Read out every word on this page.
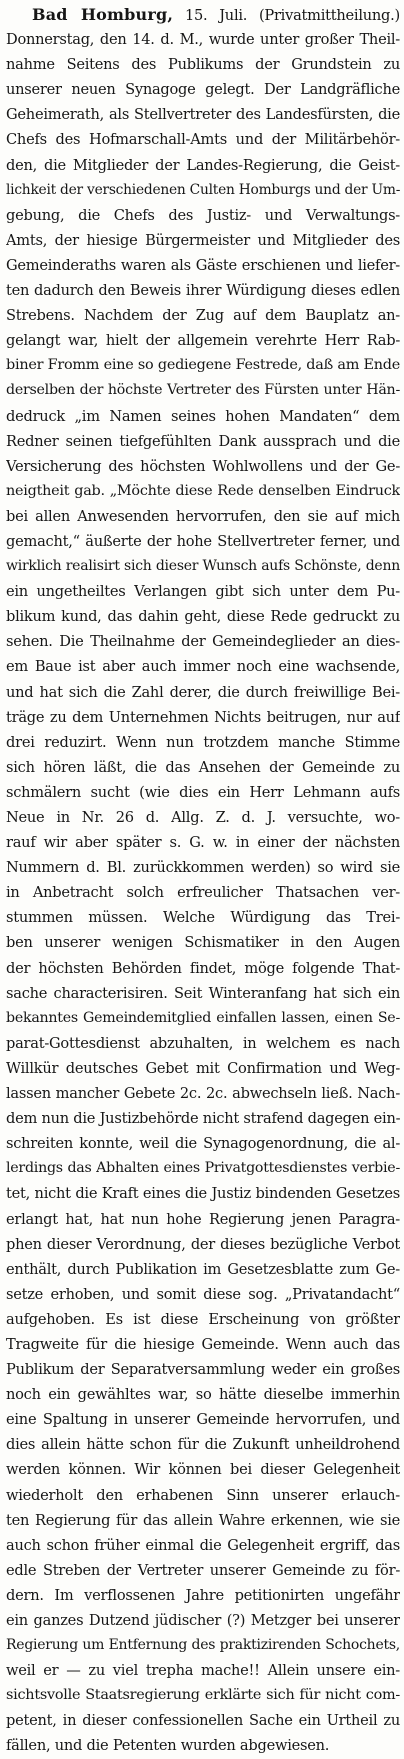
Bad Homburg, 15. Juli. (Privatmittheilung.)
Donnerstag, den 14. d. M., wurde unter großer Theil-
nahme Seitens des Publikums der Grundstein zu
unserer neuen Synagoge gelegt. Der Landgräfliche
Geheimerath, als Stellvertreter des Landesfürsten, die
Chefs des Hofmarschall-Amts und der Militärbehör-
den, die Mitglieder der Landes-Regierung, die Geist-
lichkeit der verschiedenen Culten Homburgs und der Um-
gebung, die Chefs des Justiz- und Verwaltungs-
Amts, der hiesige Bürgermeister und Mitglieder des
Gemeinderaths waren als Gäste erschienen und liefer-
ten dadurch den Beweis ihrer Würdigung dieses edlen
Strebens. Nachdem der Zug auf dem Bauplatz an-
gelangt war, hielt der allgemein verehrte Herr Rab-
biner Fromm eine so gediegene Festrede, daß am Ende
derselben der höchste Vertreter des Fürsten unter Hän-
dedruck „im Namen seines hohen Mandaten“ dem
Redner seinen tiefgefühlten Dank aussprach und die
Versicherung des höchsten Wohlwollens und der Ge-
neigtheit gab. „Möchte diese Rede denselben Eindruck
bei allen Anwesenden hervorrufen, den sie auf mich
gemacht,“ äußerte der hohe Stellvertreter ferner, und
wirklich realisirt sich dieser Wunsch aufs Schönste, denn
ein ungetheiltes Verlangen gibt sich unter dem Pu-
blikum kund, das dahin geht, diese Rede gedruckt zu
sehen. Die Theilnahme der Gemeindeglieder an dies-
em Baue ist aber auch immer noch eine wachsende,
und hat sich die Zahl derer, die durch freiwillige Bei-
träge zu dem Unternehmen Nichts beitrugen, nur auf
drei reduzirt. Wenn nun trotzdem manche Stimme
sich hören läßt, die das Ansehen der Gemeinde zu
schmälern sucht (wie dies ein Herr Lehmann aufs
Neue in Nr. 26 d. Allg. Z. d. J. versuchte, wo-
rauf wir aber später s. G. w. in einer der nächsten
Nummern d. Bl. zurückkommen werden) so wird sie
in Anbetracht solch erfreulicher Thatsachen ver-
stummen müssen. Welche Würdigung das Trei-
ben unserer wenigen Schismatiker in den Augen
der höchsten Behörden findet, möge folgende That-
sache characterisiren. Seit Winteranfang hat sich ein
bekanntes Gemeindemitglied einfallen lassen, einen Se-
parat-Gottesdienst abzuhalten, in welchem es nach
Willkür deutsches Gebet mit Confirmation und Weg-
lassen mancher Gebete 2c. 2c. abwechseln ließ. Nach-
dem nun die Justizbehörde nicht strafend dagegen ein-
schreiten konnte, weil die Synagogenordnung, die al-
lerdings das Abhalten eines Privatgottesdienstes verbie-
tet, nicht die Kraft eines die Justiz bindenden Gesetzes
erlangt hat, hat nun hohe Regierung jenen Paragra-
phen dieser Verordnung, der dieses bezügliche Verbot
enthält, durch Publikation im Gesetzesblatte zum Ge-
setze erhoben, und somit diese sog. „Privatandacht“
aufgehoben. Es ist diese Erscheinung von größter
Tragweite für die hiesige Gemeinde. Wenn auch das
Publikum der Separatversammlung weder ein großes
noch ein gewähltes war, so hätte dieselbe immerhin
eine Spaltung in unserer Gemeinde hervorrufen, und
dies allein hätte schon für die Zukunft unheildrohend
werden können. Wir können bei dieser Gelegenheit
wiederholt den erhabenen Sinn unserer erlauch-
ten Regierung für das allein Wahre erkennen, wie sie
auch schon früher einmal die Gelegenheit ergriff, das
edle Streben der Vertreter unserer Gemeinde zu för-
dern. Im verflossenen Jahre petitionirten ungefähr
ein ganzes Dutzend jüdischer (?) Metzger bei unserer
Regierung um Entfernung des praktizirenden Schochets,
weil er — zu viel trepha mache!! Allein unsere ein-
sichtsvolle Staatsregierung erklärte sich für nicht com-
petent, in dieser confessionellen Sache ein Urtheil zu
fällen, und die Petenten wurden abgewiesen.
